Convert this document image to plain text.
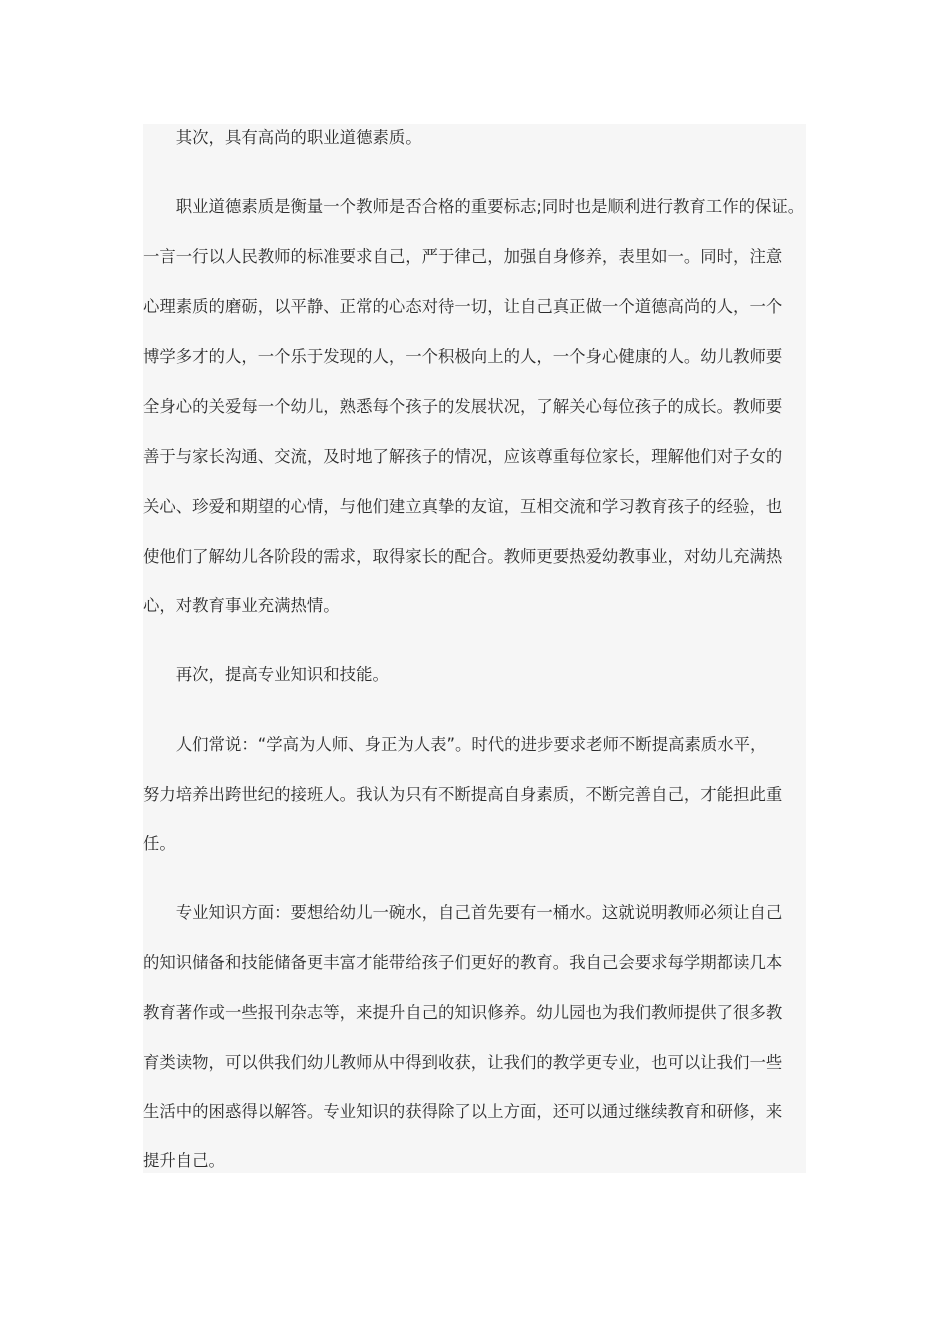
　　其次，具有高尚的职业道德素质。
　　职业道德素质是衡量一个教师是否合格的重要标志;同时也是顺利进行教育工作的保证。
一言一行以人民教师的标准要求自己，严于律己，加强自身修养，表里如一。同时，注意
心理素质的磨砺，以平静、正常的心态对待一切，让自己真正做一个道德高尚的人，一个
博学多才的人，一个乐于发现的人，一个积极向上的人，一个身心健康的人。幼儿教师要
全身心的关爱每一个幼儿，熟悉每个孩子的发展状况，了解关心每位孩子的成长。教师要
善于与家长沟通、交流，及时地了解孩子的情况，应该尊重每位家长，理解他们对子女的
关心、珍爱和期望的心情，与他们建立真挚的友谊，互相交流和学习教育孩子的经验，也
使他们了解幼儿各阶段的需求，取得家长的配合。教师更要热爱幼教事业，对幼儿充满热
心，对教育事业充满热情。
　　再次，提高专业知识和技能。
　　人们常说：“学高为人师、身正为人表”。时代的进步要求老师不断提高素质水平，
努力培养出跨世纪的接班人。我认为只有不断提高自身素质，不断完善自己，才能担此重
任。
　　专业知识方面：要想给幼儿一碗水，自己首先要有一桶水。这就说明教师必须让自己
的知识储备和技能储备更丰富才能带给孩子们更好的教育。我自己会要求每学期都读几本
教育著作或一些报刊杂志等，来提升自己的知识修养。幼儿园也为我们教师提供了很多教
育类读物，可以供我们幼儿教师从中得到收获，让我们的教学更专业，也可以让我们一些
生活中的困惑得以解答。专业知识的获得除了以上方面，还可以通过继续教育和研修，来
提升自己。
